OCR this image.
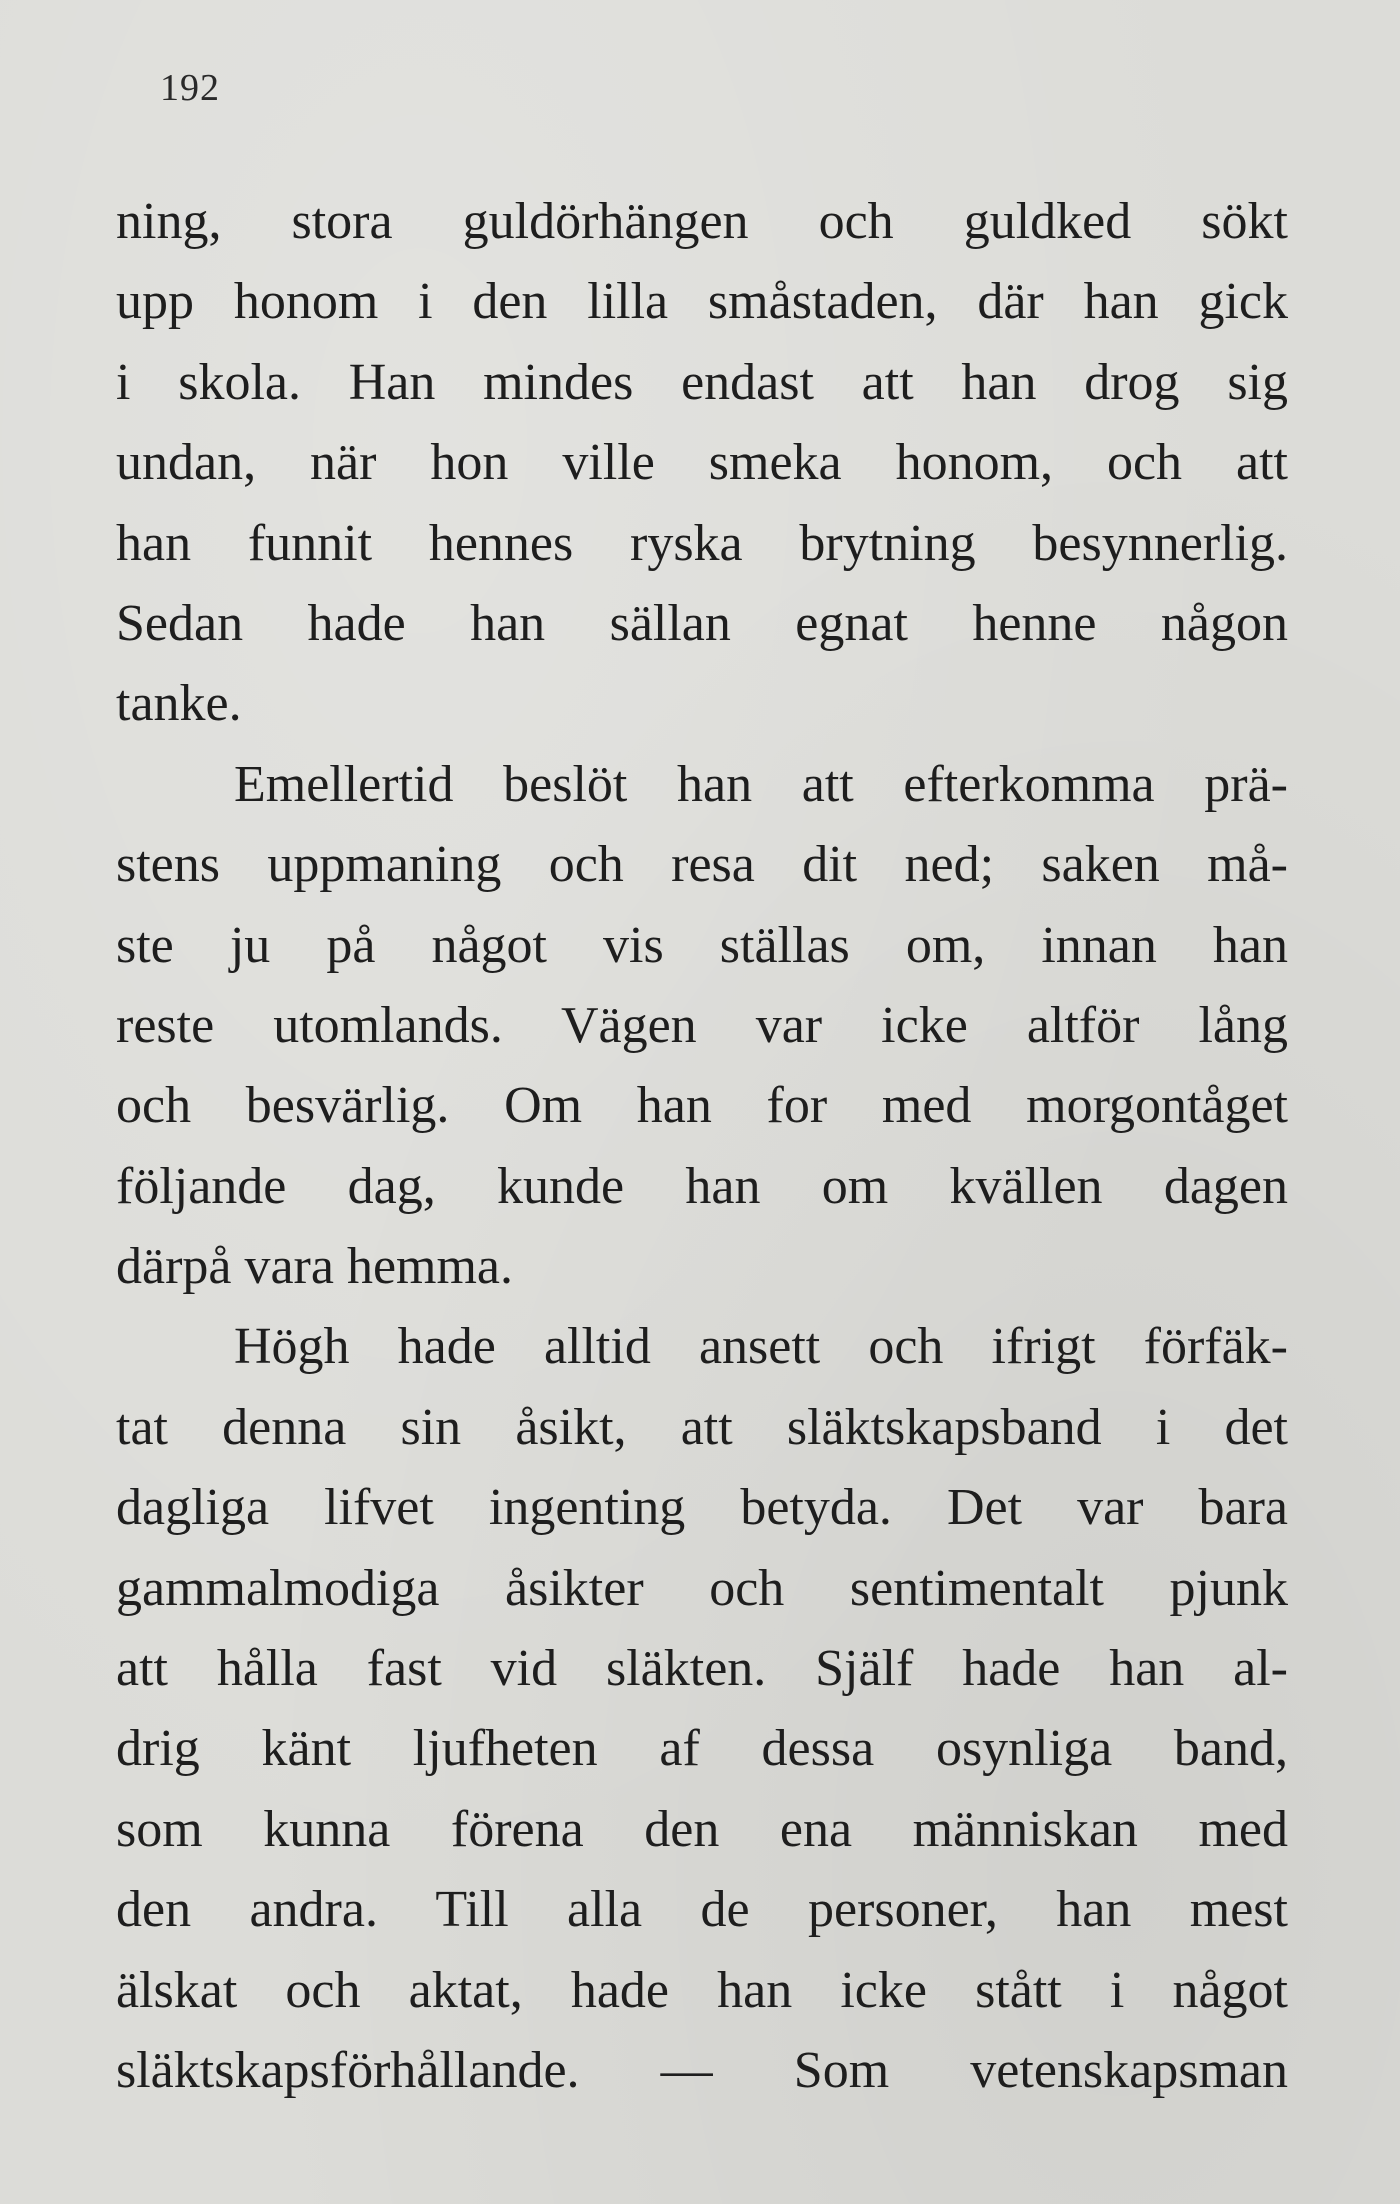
192
ning, stora guldörhängen och guldked sökt
upp honom i den lilla småstaden, där han gick
i skola. Han mindes endast att han drog sig
undan, när hon ville smeka honom, och att
han funnit hennes ryska brytning besynnerlig.
Sedan hade han sällan egnat henne någon
tanke.
Emellertid beslöt han att efterkomma prä-
stens uppmaning och resa dit ned; saken må-
ste ju på något vis ställas om, innan han
reste utomlands. Vägen var icke altför lång
och besvärlig. Om han for med morgontåget
följande dag, kunde han om kvällen dagen
därpå vara hemma.
Högh hade alltid ansett och ifrigt förfäk-
tat denna sin åsikt, att släktskapsband i det
dagliga lifvet ingenting betyda. Det var bara
gammalmodiga åsikter och sentimentalt pjunk
att hålla fast vid släkten. Själf hade han al-
drig känt ljufheten af dessa osynliga band,
som kunna förena den ena människan med
den andra. Till alla de personer, han mest
älskat och aktat, hade han icke stått i något
släktskapsförhållande. — Som vetenskapsman
